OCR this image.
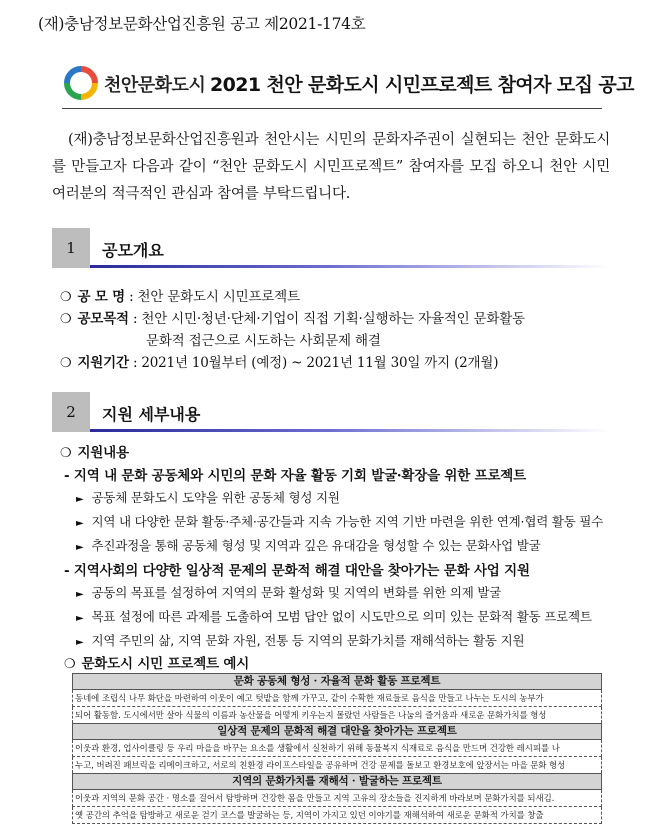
(재)충남정보문화산업진흥원 공고 제2021-174호
천안문화도시 2021 천안 문화도시 시민프로젝트 참여자 모집 공고
(재)충남정보문화산업진흥원과 천안시는 시민의 문화자주권이 실현되는 천안 문화도시를 만들고자 다음과 같이 “천안 문화도시 시민프로젝트” 참여자를 모집 하오니 천안 시민 여러분의 적극적인 관심과 참여를 부탁드립니다.
1	공모개요
❍ 공 모 명 : 천안 문화도시 시민프로젝트
❍ 공모목적 : 천안 시민·청년·단체·기업이 직접 기획·실행하는 자율적인 문화활동
문화적 접근으로 시도하는 사회문제 해결
❍ 지원기간 : 2021년 10월부터 (예정) ~ 2021년 11월 30일 까지 (2개월)
2	지원 세부내용
❍ 지원내용
- 지역 내 문화 공동체와 시민의 문화 자율 활동 기회 발굴·확장을 위한 프로젝트
► 공동체 문화도시 도약을 위한 공동체 형성 지원
► 지역 내 다양한 문화 활동·주체·공간들과 지속 가능한 지역 기반 마련을 위한 연계·협력 활동 필수
► 추진과정을 통해 공동체 형성 및 지역과 깊은 유대감을 형성할 수 있는 문화사업 발굴
- 지역사회의 다양한 일상적 문제의 문화적 해결 대안을 찾아가는 문화 사업 지원
► 공동의 목표를 설정하여 지역의 문화 활성화 및 지역의 변화를 위한 의제 발굴
► 목표 설정에 따른 과제를 도출하여 모범 답안 없이 시도만으로 의미 있는 문화적 활동 프로젝트
► 지역 주민의 삶, 지역 문화 자원, 전통 등 지역의 문화가치를 재해석하는 활동 지원
❍ 문화도시 시민 프로젝트 예시
문화 공동체 형성 · 자율적 문화 활동 프로젝트
동네에 조립식 나무 화단을 마련하여 이웃이 예고 텃밭을 함께 가꾸고, 같이 수확한 재료들로 음식을 만들고 나누는 도시의 농부가
되어 활동함. 도시에서만 살아 식물의 이름과 농산물을 어떻게 키우는지 몰랐던 사람들은 나눔의 즐거움과 새로운 문화가치를 형성
일상적 문제의 문화적 해결 대안을 찾아가는 프로젝트
이웃과 환경, 업사이클링 등 우리 마을을 바꾸는 요소를 생활에서 실천하기 위해 동물복지 식재료로 음식을 만드며 건강한 레시피를 나
누고, 버려진 패브릭을 리메이크하고, 서로의 친환경 라이프스타일을 공유하며 건강 문제를 돌보고 환경보호에 앞장서는 마을 문화 형성
지역의 문화가치를 재해석 · 발굴하는 프로젝트
이웃과 지역의 문화 공간 · 명소를 걸어서 탐방하며 건강한 몸을 만들고 지역 고유의 장소들을 진지하게 바라보며 문화가치를 되새김.
옛 공간의 추억을 탐방하고 새로운 걷기 코스를 발굴하는 등, 지역이 가지고 있던 이야기를 재해석하여 새로운 문화적 가치를 창출
